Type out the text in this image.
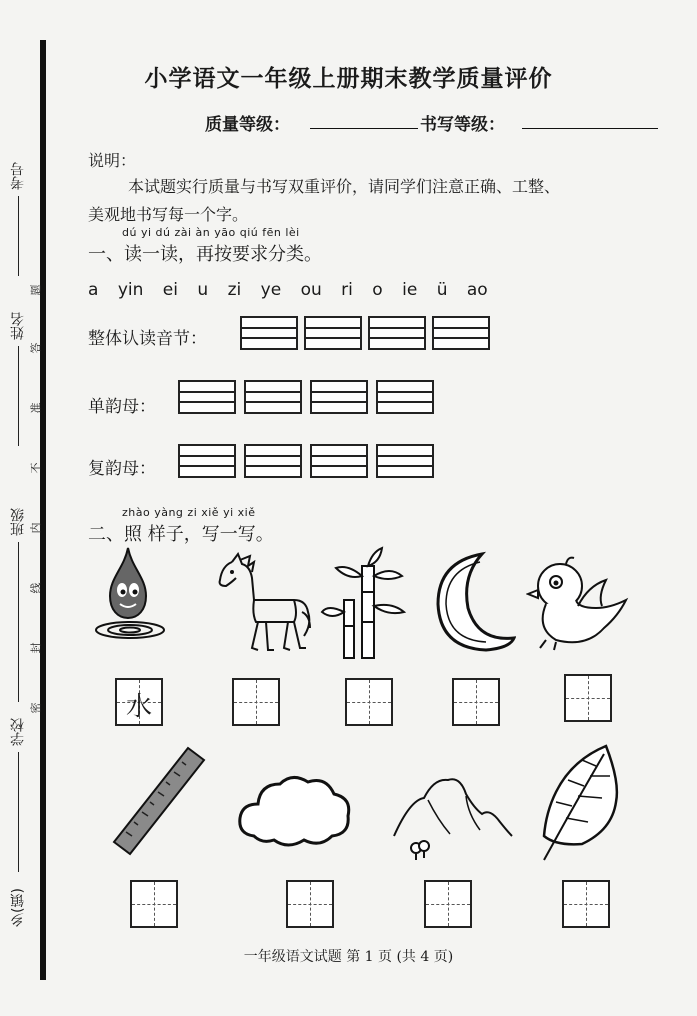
考号
姓名
班级
学校
乡(镇)
题
答
准
不
内
线
封
密
小学语文一年级上册期末教学质量评价
质量等级：	书写等级：
说明：
本试题实行质量与书写双重评价，请同学们注意正确、工整、
美观地书写每一个字。
dú yi dú zài àn yāo qiú fēn lèi
一、读一读，再按要求分类。
a yin ei u zi ye ou ri o ie ü ao
整体认读音节：
单韵母：
复韵母：
zhào yàng zi xiě yi xiě
二、照 样子，写一写。
水
一年级语文试题 第 1 页 (共 4 页)
